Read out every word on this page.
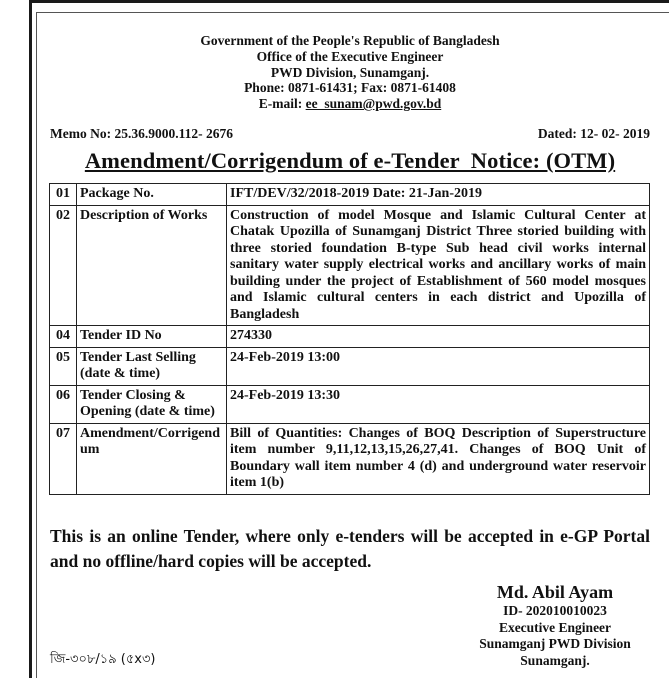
Government of the People's Republic of Bangladesh
Office of the Executive Engineer
PWD Division, Sunamganj.
Phone: 0871-61431; Fax: 0871-61408
E-mail: ee_sunam@pwd.gov.bd
Memo No: 25.36.9000.112- 2676	Dated: 12- 02- 2019
Amendment/Corrigendum of e-Tender  Notice: (OTM)
01	Package No.	IFT/DEV/32/2018-2019 Date: 21-Jan-2019
02	Description of Works	Construction of model Mosque and Islamic Cultural Center at Chatak Upozilla of Sunamganj District Three storied building with three storied foundation B-type Sub head civil works internal sanitary water supply electrical works and ancillary works of main building under the project of Establishment of 560 model mosques and Islamic cultural centers in each district and Upozilla of Bangladesh
04	Tender ID No	274330
05	Tender Last Selling (date & time)	24-Feb-2019 13:00
06	Tender Closing & Opening (date & time)	24-Feb-2019 13:30
07	Amendment/Corrigendum	Bill of Quantities: Changes of BOQ Description of Superstructure item number 9,11,12,13,15,26,27,41. Changes of BOQ Unit of Boundary wall item number 4 (d) and underground water reservoir item 1(b)
This is an online Tender, where only e-tenders will be accepted in e-GP Portal and no offline/hard copies will be accepted.
Md. Abil Ayam
ID- 202010010023
Executive Engineer
Sunamganj PWD Division
Sunamganj.
জি-৩০৮/১৯ (৫x৩)
